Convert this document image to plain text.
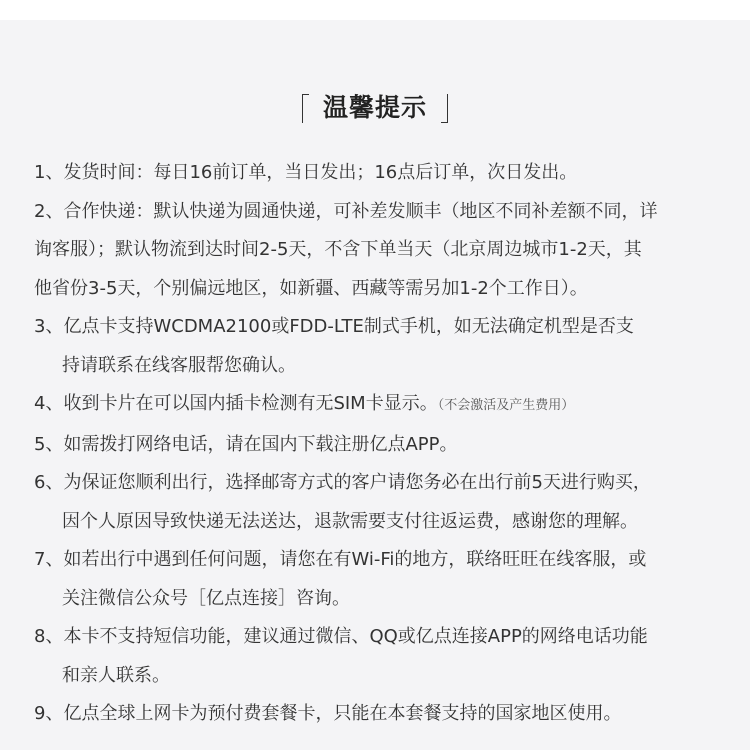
温馨提示
1、发货时间：每日16前订单，当日发出；16点后订单，次日发出。
2、合作快递：默认快递为圆通快递，可补差发顺丰（地区不同补差额不同，详
询客服）；默认物流到达时间2-5天，不含下单当天（北京周边城市1-2天，其
他省份3-5天，个别偏远地区，如新疆、西藏等需另加1-2个工作日）。
3、亿点卡支持WCDMA2100或FDD-LTE制式手机，如无法确定机型是否支
持请联系在线客服帮您确认。
4、收到卡片在可以国内插卡检测有无SIM卡显示。（不会激活及产生费用）
5、如需拨打网络电话，请在国内下载注册亿点APP。
6、为保证您顺利出行，选择邮寄方式的客户请您务必在出行前5天进行购买，
因个人原因导致快递无法送达，退款需要支付往返运费，感谢您的理解。
7、如若出行中遇到任何问题，请您在有Wi-Fi的地方，联络旺旺在线客服，或
关注微信公众号［亿点连接］咨询。
8、本卡不支持短信功能，建议通过微信、QQ或亿点连接APP的网络电话功能
和亲人联系。
9、亿点全球上网卡为预付费套餐卡，只能在本套餐支持的国家地区使用。
